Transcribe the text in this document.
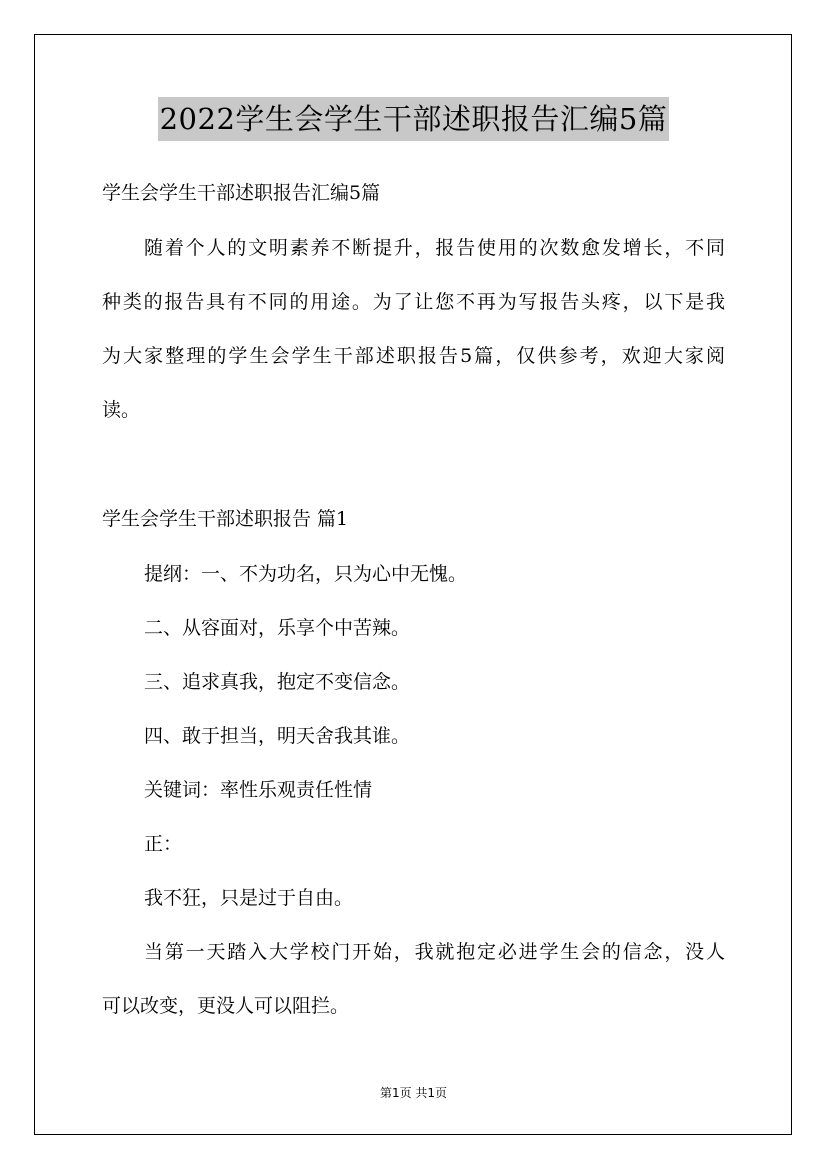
2022学生会学生干部述职报告汇编5篇
学生会学生干部述职报告汇编5篇
随着个人的文明素养不断提升，报告使用的次数愈发增长，不同
种类的报告具有不同的用途。为了让您不再为写报告头疼，以下是我
为大家整理的学生会学生干部述职报告5篇，仅供参考，欢迎大家阅
读。
学生会学生干部述职报告 篇1
提纲：一、不为功名，只为心中无愧。
二、从容面对，乐享个中苦辣。
三、追求真我，抱定不变信念。
四、敢于担当，明天舍我其谁。
关键词：率性乐观责任性情
正：
我不狂，只是过于自由。
当第一天踏入大学校门开始，我就抱定必进学生会的信念，没人
可以改变，更没人可以阻拦。
第1页 共1页
